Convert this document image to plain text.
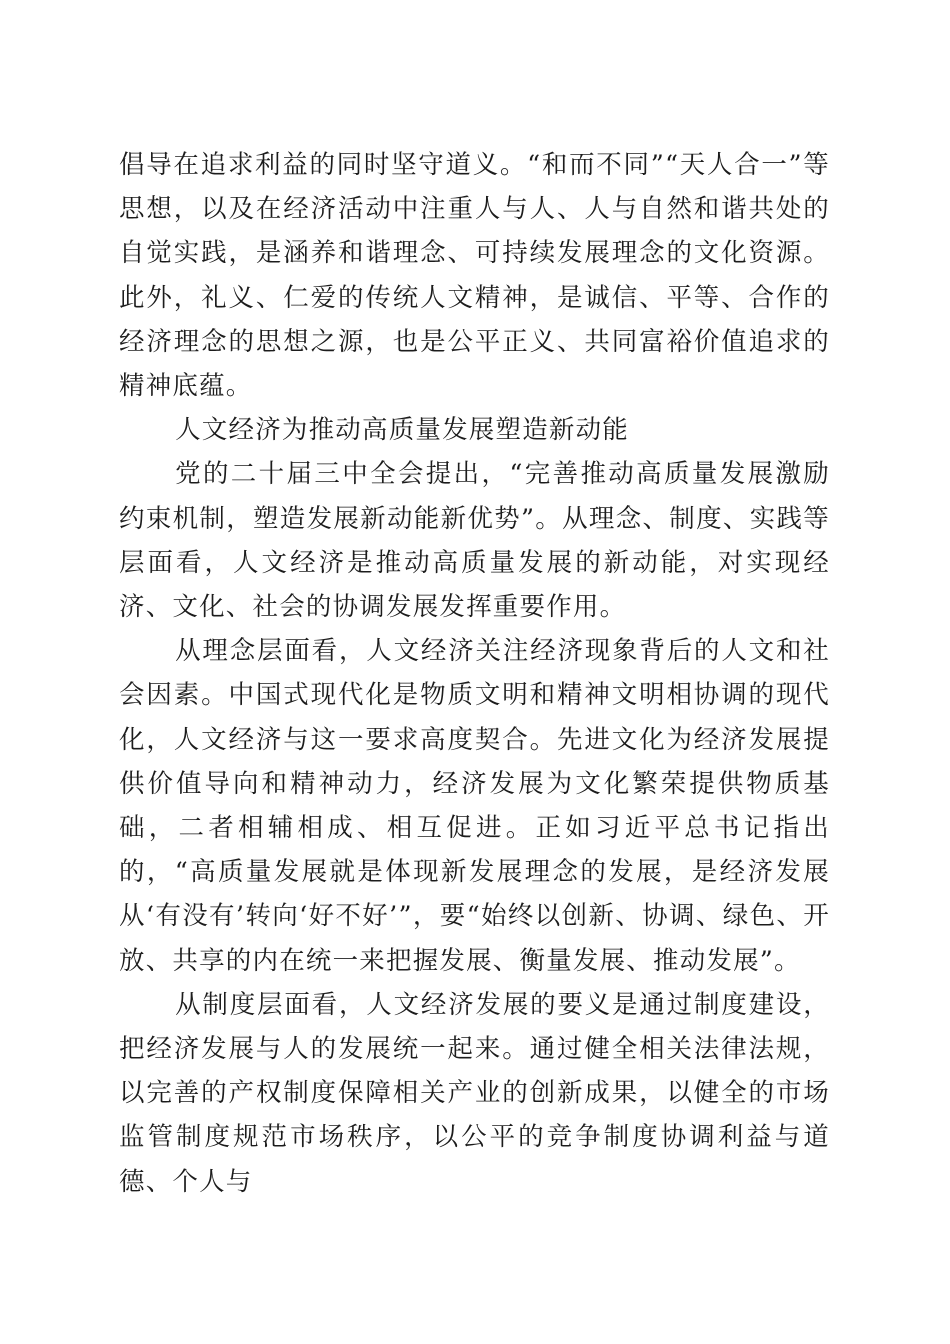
倡导在追求利益的同时坚守道义。“和而不同”“天人合一”等思想，以及在经济活动中注重人与人、人与自然和谐共处的自觉实践，是涵养和谐理念、可持续发展理念的文化资源。此外，礼义、仁爱的传统人文精神，是诚信、平等、合作的经济理念的思想之源，也是公平正义、共同富裕价值追求的精神底蕴。

人文经济为推动高质量发展塑造新动能

党的二十届三中全会提出，“完善推动高质量发展激励约束机制，塑造发展新动能新优势”。从理念、制度、实践等层面看，人文经济是推动高质量发展的新动能，对实现经济、文化、社会的协调发展发挥重要作用。

从理念层面看，人文经济关注经济现象背后的人文和社会因素。中国式现代化是物质文明和精神文明相协调的现代化，人文经济与这一要求高度契合。先进文化为经济发展提供价值导向和精神动力，经济发展为文化繁荣提供物质基础，二者相辅相成、相互促进。正如习近平总书记指出的，“高质量发展就是体现新发展理念的发展，是经济发展从‘有没有’转向‘好不好’”，要“始终以创新、协调、绿色、开放、共享的内在统一来把握发展、衡量发展、推动发展”。

从制度层面看，人文经济发展的要义是通过制度建设，把经济发展与人的发展统一起来。通过健全相关法律法规，以完善的产权制度保障相关产业的创新成果，以健全的市场监管制度规范市场秩序，以公平的竞争制度协调利益与道德、个人与
